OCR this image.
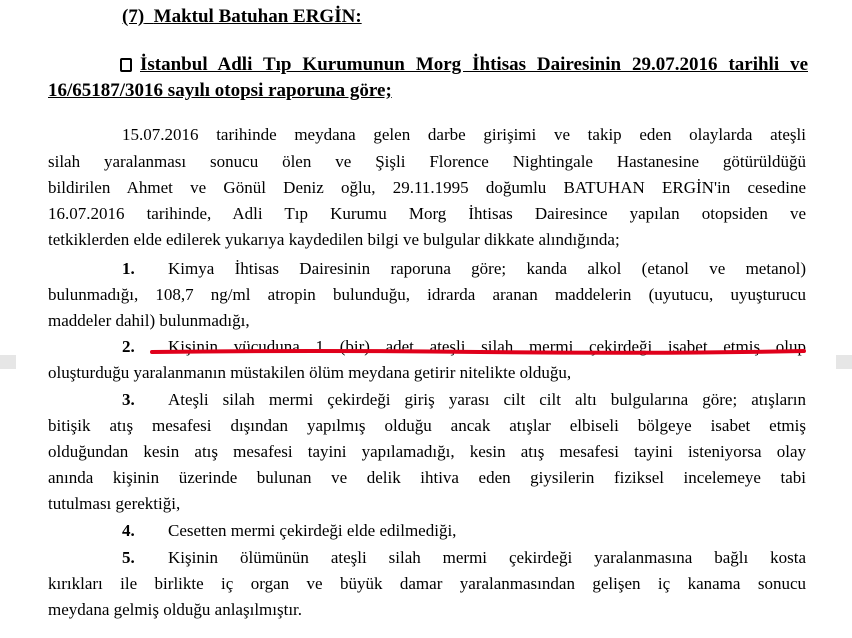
(7) Maktul Batuhan ERGİN:
İstanbul Adli Tıp Kurumunun Morg İhtisas Dairesinin 29.07.2016 tarihli ve
16/65187/3016 sayılı otopsi raporuna göre;
15.07.2016 tarihinde meydana gelen darbe girişimi ve takip eden olaylarda ateşli
silah yaralanması sonucu ölen ve Şişli Florence Nightingale Hastanesine götürüldüğü
bildirilen Ahmet ve Gönül Deniz oğlu, 29.11.1995 doğumlu BATUHAN ERGİN'in cesedine
16.07.2016 tarihinde, Adli Tıp Kurumu Morg İhtisas Dairesince yapılan otopsiden ve
tetkiklerden elde edilerek yukarıya kaydedilen bilgi ve bulgular dikkate alındığında;
1. Kimya İhtisas Dairesinin raporuna göre; kanda alkol (etanol ve metanol)
bulunmadığı, 108,7 ng/ml atropin bulunduğu, idrarda aranan maddelerin (uyutucu, uyuşturucu
maddeler dahil) bulunmadığı,
2. Kişinin vücuduna 1 (bir) adet ateşli silah mermi çekirdeği isabet etmiş olup
oluşturduğu yaralanmanın müstakilen ölüm meydana getirir nitelikte olduğu,
3. Ateşli silah mermi çekirdeği giriş yarası cilt cilt altı bulgularına göre; atışların
bitişik atış mesafesi dışından yapılmış olduğu ancak atışlar elbiseli bölgeye isabet etmiş
olduğundan kesin atış mesafesi tayini yapılamadığı, kesin atış mesafesi tayini isteniyorsa olay
anında kişinin üzerinde bulunan ve delik ihtiva eden giysilerin fiziksel incelemeye tabi
tutulması gerektiği,
4. Cesetten mermi çekirdeği elde edilmediği,
5. Kişinin ölümünün ateşli silah mermi çekirdeği yaralanmasına bağlı kosta
kırıkları ile birlikte iç organ ve büyük damar yaralanmasından gelişen iç kanama sonucu
meydana gelmiş olduğu anlaşılmıştır.
